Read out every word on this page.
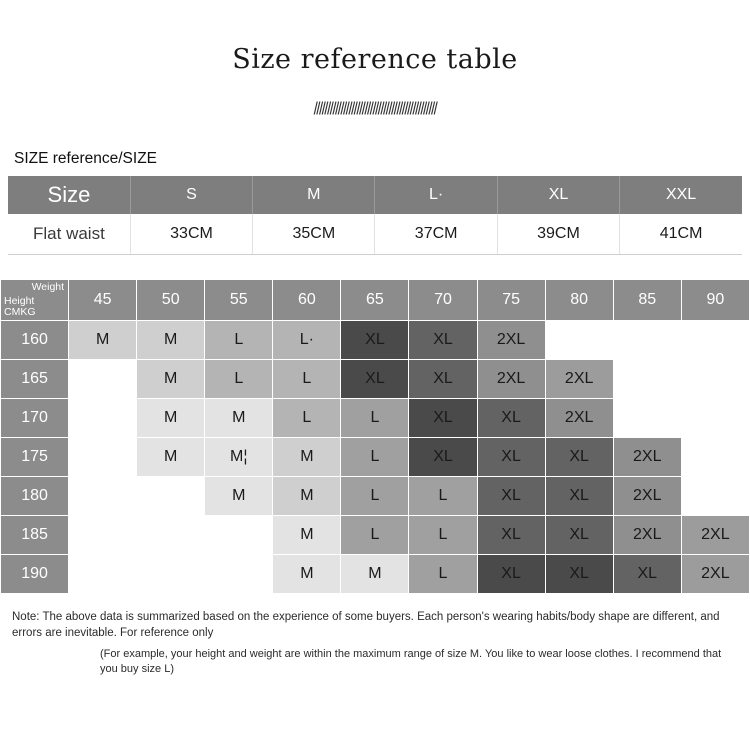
Size reference table
//////////////////////////////////////////////
SIZE reference/SIZE
Size	S	M	L·	XL	XXL
Flat waist	33CM	35CM	37CM	39CM	41CM
Weight
Height
CMKG	45	50	55	60	65	70	75	80	85	90
160	M	M	L	L·	XL	XL	2XL			
165		M	L	L	XL	XL	2XL	2XL		
170		M	M	L	L	XL	XL	2XL		
175		M	M¦	M	L	XL	XL	XL	2XL	
180			M	M	L	L	XL	XL	2XL	
185				M	L	L	XL	XL	2XL	2XL
190				M	M	L	XL	XL	XL	2XL
Note: The above data is summarized based on the experience of some buyers. Each person's wearing habits/body shape are different, and
errors are inevitable. For reference only
(For example, your height and weight are within the maximum range of size M. You like to wear loose clothes. I recommend that you buy size L)
